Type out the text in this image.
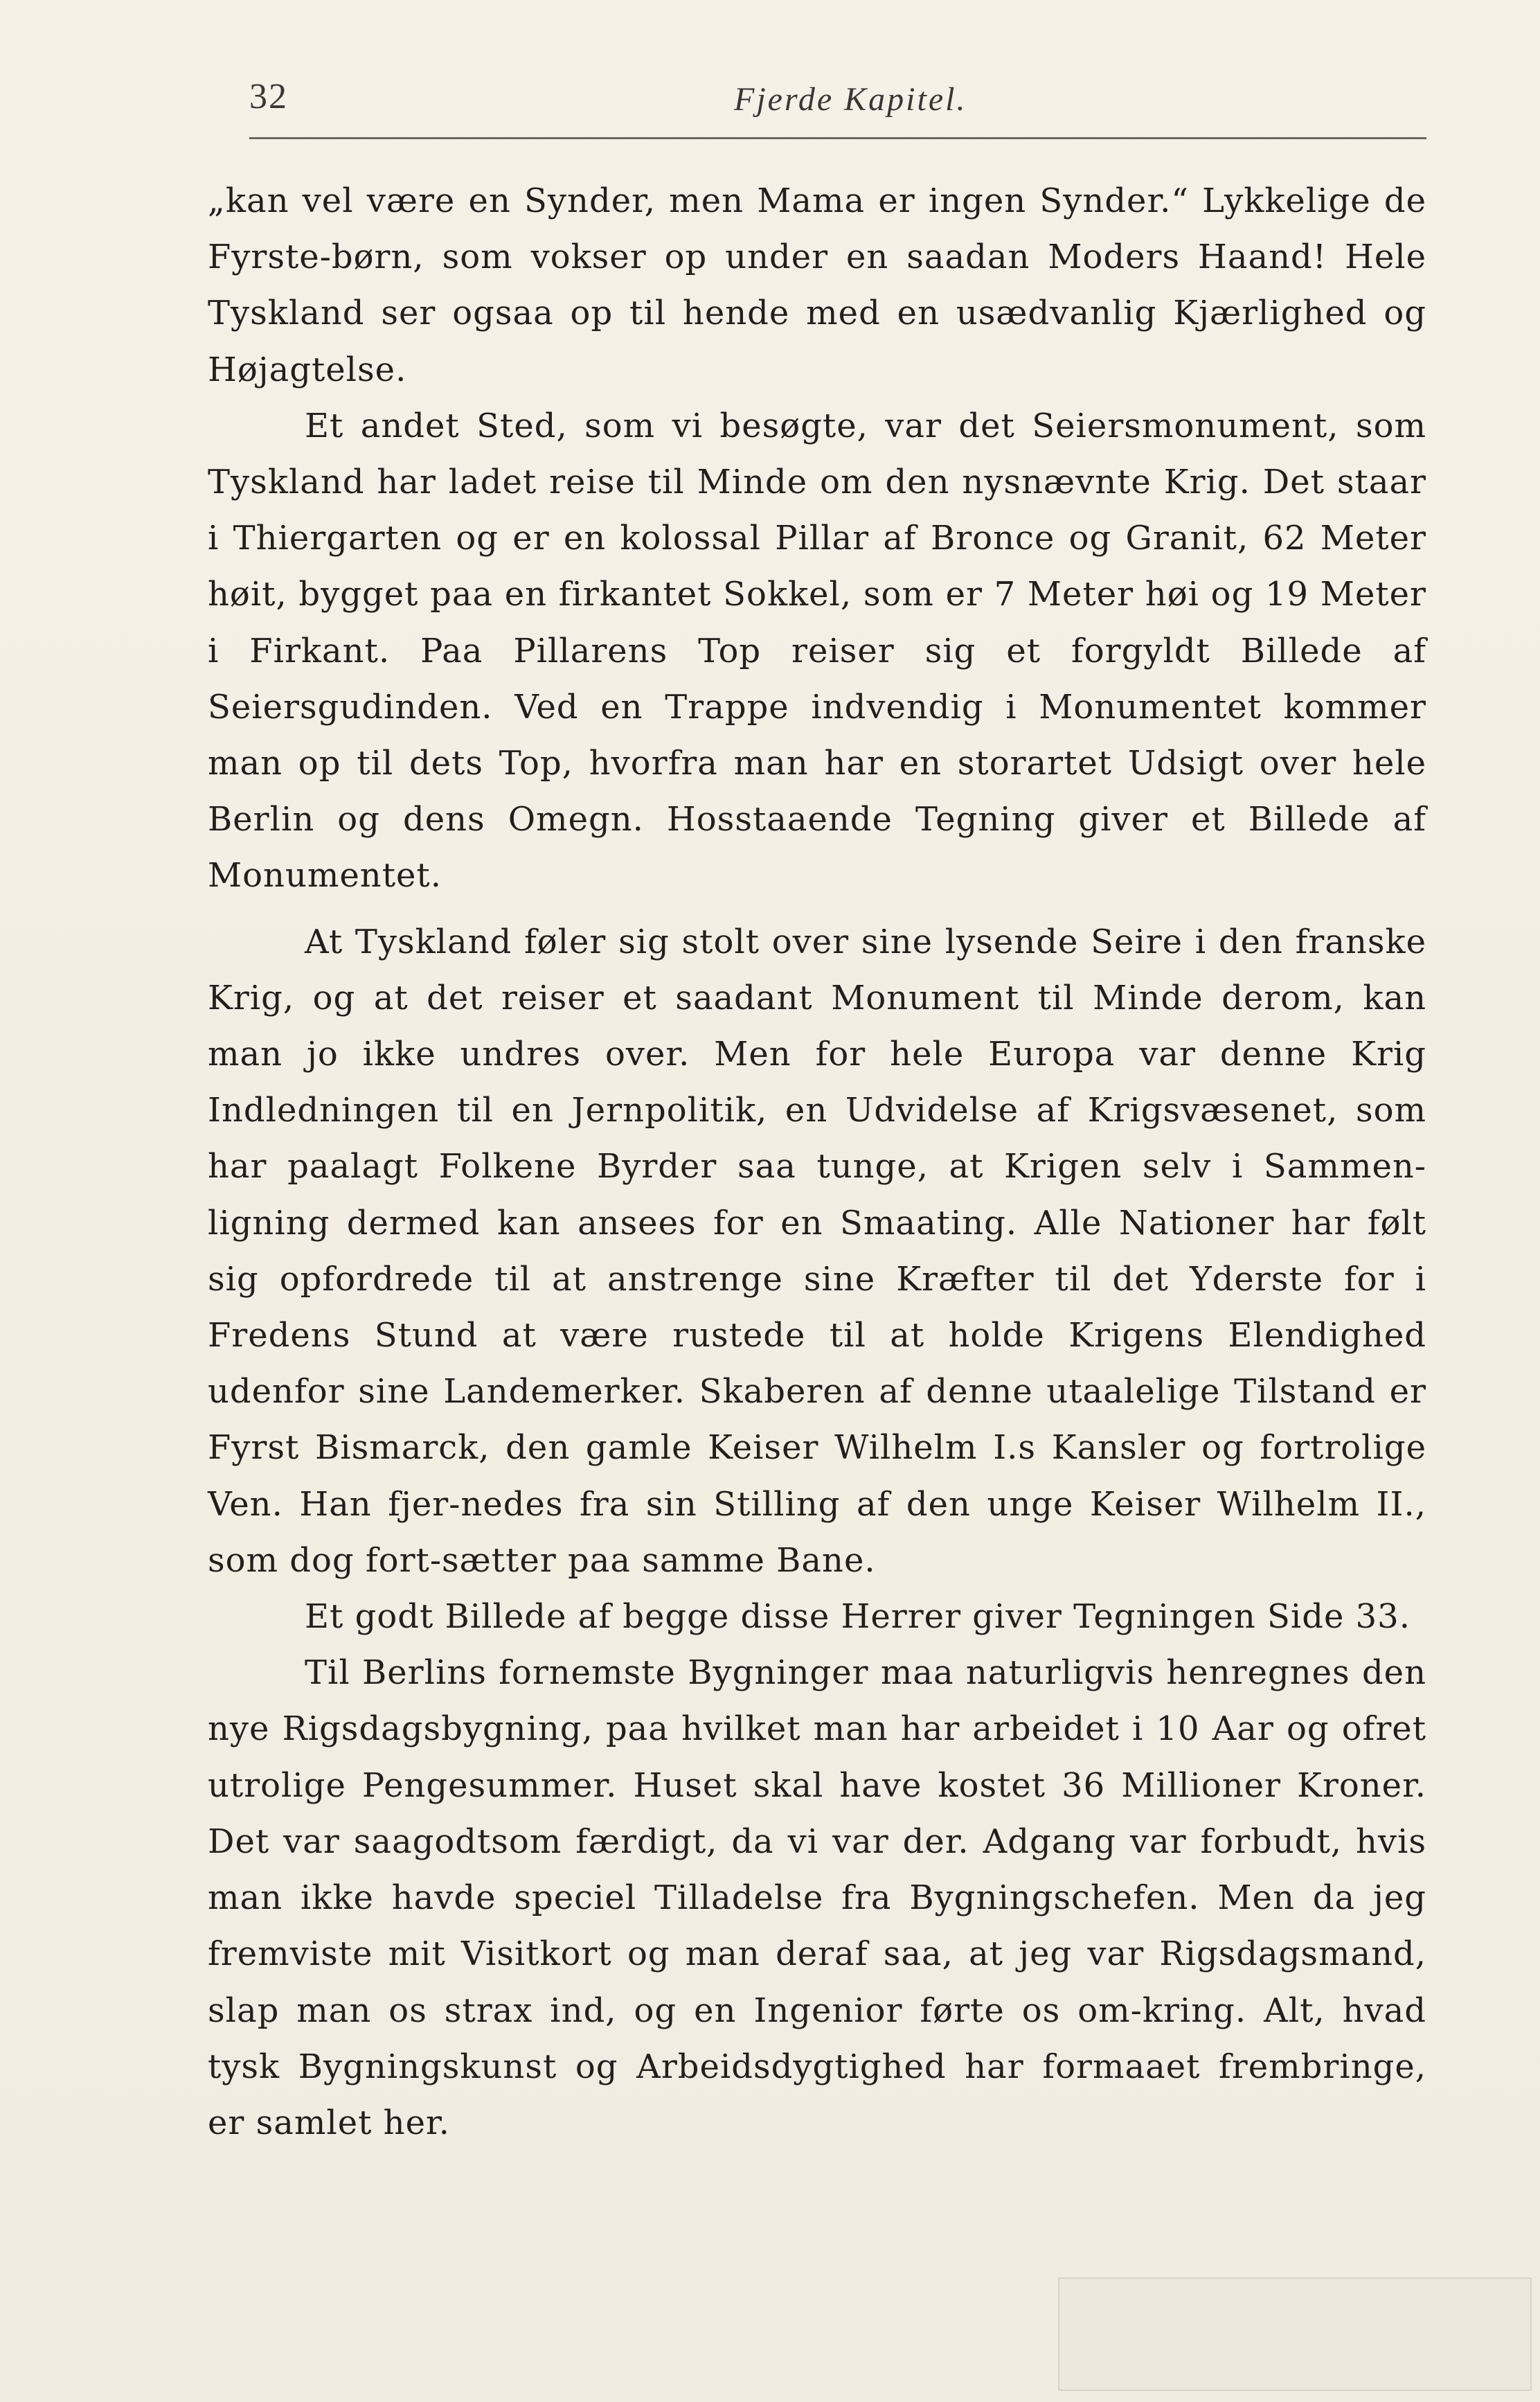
32	Fjerde Kapitel.

„kan vel være en Synder, men Mama er ingen Synder.“ Lykkelige de Fyrste-børn, som vokser op under en saadan Moders Haand! Hele Tyskland ser ogsaa op til hende med en usædvanlig Kjærlighed og Højagtelse.

Et andet Sted, som vi besøgte, var det Seiersmonument, som Tyskland har ladet reise til Minde om den nysnævnte Krig. Det staar i Thiergarten og er en kolossal Pillar af Bronce og Granit, 62 Meter høit, bygget paa en firkantet Sokkel, som er 7 Meter høi og 19 Meter i Firkant. Paa Pillarens Top reiser sig et forgyldt Billede af Seiersgudinden. Ved en Trappe indvendig i Monumentet kommer man op til dets Top, hvorfra man har en storartet Udsigt over hele Berlin og dens Omegn. Hosstaaende Tegning giver et Billede af Monumentet.

At Tyskland føler sig stolt over sine lysende Seire i den franske Krig, og at det reiser et saadant Monument til Minde derom, kan man jo ikke undres over. Men for hele Europa var denne Krig Indledningen til en Jernpolitik, en Udvidelse af Krigsvæsenet, som har paalagt Folkene Byrder saa tunge, at Krigen selv i Sammen-ligning dermed kan ansees for en Smaating. Alle Nationer har følt sig opfordrede til at anstrenge sine Kræfter til det Yderste for i Fredens Stund at være rustede til at holde Krigens Elendighed udenfor sine Landemerker. Skaberen af denne utaalelige Tilstand er Fyrst Bismarck, den gamle Keiser Wilhelm I.s Kansler og fortrolige Ven. Han fjer-nedes fra sin Stilling af den unge Keiser Wilhelm II., som dog fort-sætter paa samme Bane.

Et godt Billede af begge disse Herrer giver Tegningen Side 33.

Til Berlins fornemste Bygninger maa naturligvis henregnes den nye Rigsdagsbygning, paa hvilket man har arbeidet i 10 Aar og ofret utrolige Pengesummer. Huset skal have kostet 36 Millioner Kroner. Det var saagodtsom færdigt, da vi var der. Adgang var forbudt, hvis man ikke havde speciel Tilladelse fra Bygningschefen. Men da jeg fremviste mit Visitkort og man deraf saa, at jeg var Rigsdagsmand, slap man os strax ind, og en Ingenior førte os om-kring. Alt, hvad tysk Bygningskunst og Arbeidsdygtighed har formaaet frembringe, er samlet her.
